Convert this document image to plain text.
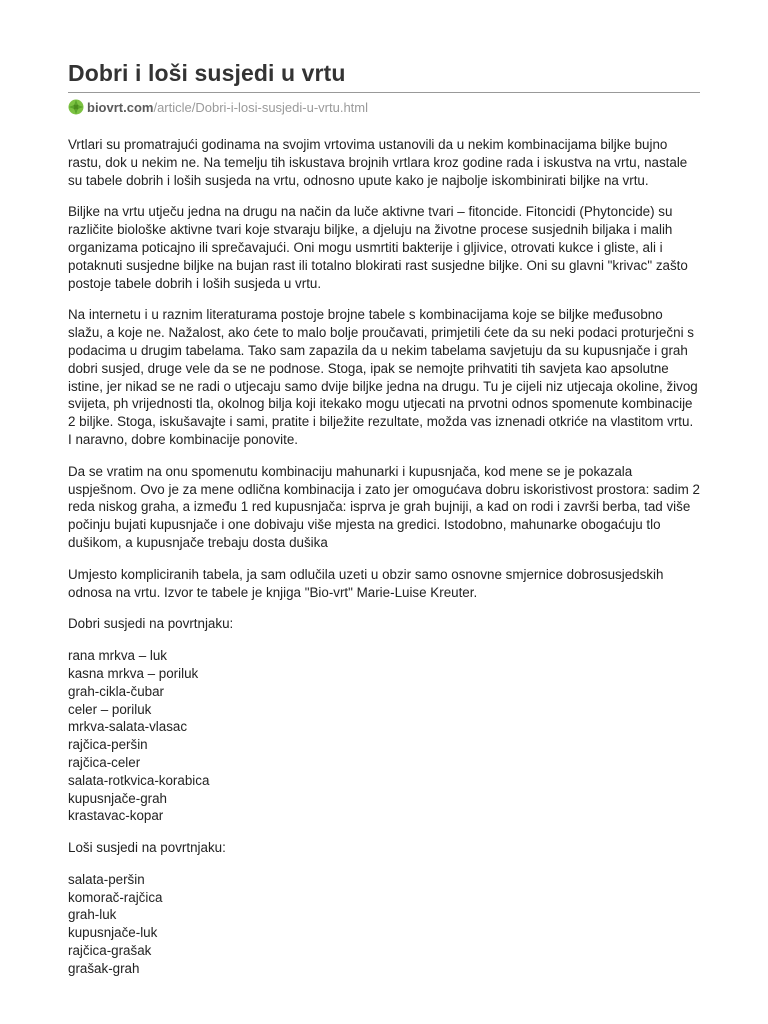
Dobri i loši susjedi u vrtu
biovrt.com /article/Dobri-i-losi-susjedi-u-vrtu.html

Vrtlari su promatrajući godinama na svojim vrtovima ustanovili da u nekim kombinacijama biljke bujno rastu, dok u nekim ne. Na temelju tih iskustava brojnih vrtlara kroz godine rada i iskustva na vrtu, nastale su tabele dobrih i loših susjeda na vrtu, odnosno upute kako je najbolje iskombinirati biljke na vrtu.

Biljke na vrtu utječu jedna na drugu na način da luče aktivne tvari – fitoncide. Fitoncidi (Phytoncide) su različite biološke aktivne tvari koje stvaraju biljke, a djeluju na životne procese susjednih biljaka i malih organizama poticajno ili sprečavajući. Oni mogu usmrtiti bakterije i gljivice, otrovati kukce i gliste, ali i potaknuti susjedne biljke na bujan rast ili totalno blokirati rast susjedne biljke. Oni su glavni "krivac" zašto postoje tabele dobrih i loših susjeda u vrtu.

Na internetu i u raznim literaturama postoje brojne tabele s kombinacijama koje se biljke međusobno slažu, a koje ne. Nažalost, ako ćete to malo bolje proučavati, primjetili ćete da su neki podaci proturječni s podacima u drugim tabelama. Tako sam zapazila da u nekim tabelama savjetuju da su kupusnjače i grah dobri susjed, druge vele da se ne podnose. Stoga, ipak se nemojte prihvatiti tih savjeta kao apsolutne istine, jer nikad se ne radi o utjecaju samo dvije biljke jedna na drugu. Tu je cijeli niz utjecaja okoline, živog svijeta, ph vrijednosti tla, okolnog bilja koji itekako mogu utjecati na prvotni odnos spomenute kombinacije 2 biljke. Stoga, iskušavajte i sami, pratite i bilježite rezultate, možda vas iznenadi otkriće na vlastitom vrtu. I naravno, dobre kombinacije ponovite.

Da se vratim na onu spomenutu kombinaciju mahunarki i kupusnjača, kod mene se je pokazala uspješnom. Ovo je za mene odlična kombinacija i zato jer omogućava dobru iskoristivost prostora: sadim 2 reda niskog graha, a između 1 red kupusnjača: isprva je grah bujniji, a kad on rodi i završi berba, tad više počinju bujati kupusnjače i one dobivaju više mjesta na gredici. Istodobno, mahunarke obogaćuju tlo dušikom, a kupusnjače trebaju dosta dušika

Umjesto kompliciranih tabela, ja sam odlučila uzeti u obzir samo osnovne smjernice dobrosusjedskih odnosa na vrtu. Izvor te tabele je knjiga "Bio-vrt" Marie-Luise Kreuter.

Dobri susjedi na povrtnjaku:

rana mrkva – luk
kasna mrkva – poriluk
grah-cikla-čubar
celer – poriluk
mrkva-salata-vlasac
rajčica-peršin
rajčica-celer
salata-rotkvica-korabica
kupusnjače-grah
krastavac-kopar

Loši susjedi na povrtnjaku:

salata-peršin
komorač-rajčica
grah-luk
kupusnjače-luk
rajčica-grašak
grašak-grah
